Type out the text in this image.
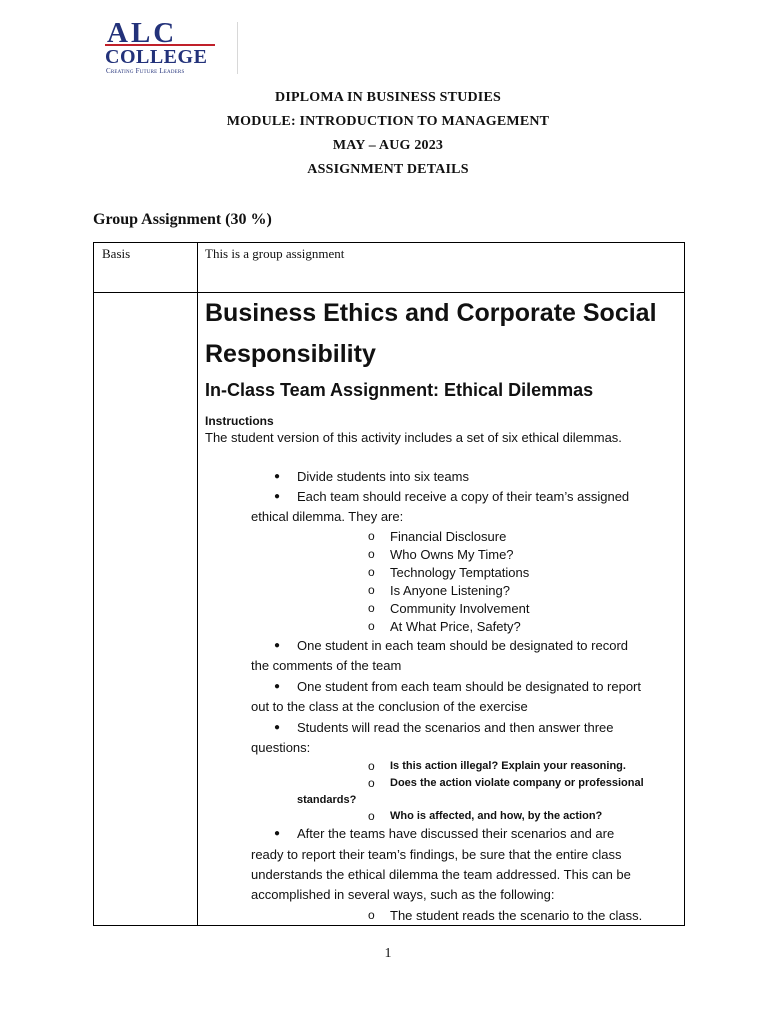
ALC
COLLEGE
Creating Future Leaders
DIPLOMA IN BUSINESS STUDIES
MODULE: INTRODUCTION TO MANAGEMENT
MAY – AUG 2023
ASSIGNMENT DETAILS
Group Assignment (30 %)
Basis	This is a group assignment
Business Ethics and Corporate Social
Responsibility
In-Class Team Assignment: Ethical Dilemmas
Instructions
The student version of this activity includes a set of six ethical dilemmas.
● Divide students into six teams
● Each team should receive a copy of their team’s assigned
ethical dilemma. They are:
o Financial Disclosure
o Who Owns My Time?
o Technology Temptations
o Is Anyone Listening?
o Community Involvement
o At What Price, Safety?
● One student in each team should be designated to record
the comments of the team
● One student from each team should be designated to report
out to the class at the conclusion of the exercise
● Students will read the scenarios and then answer three
questions:
o Is this action illegal? Explain your reasoning.
o Does the action violate company or professional
standards?
o Who is affected, and how, by the action?
● After the teams have discussed their scenarios and are
ready to report their team’s findings, be sure that the entire class
understands the ethical dilemma the team addressed. This can be
accomplished in several ways, such as the following:
o The student reads the scenario to the class.
1
